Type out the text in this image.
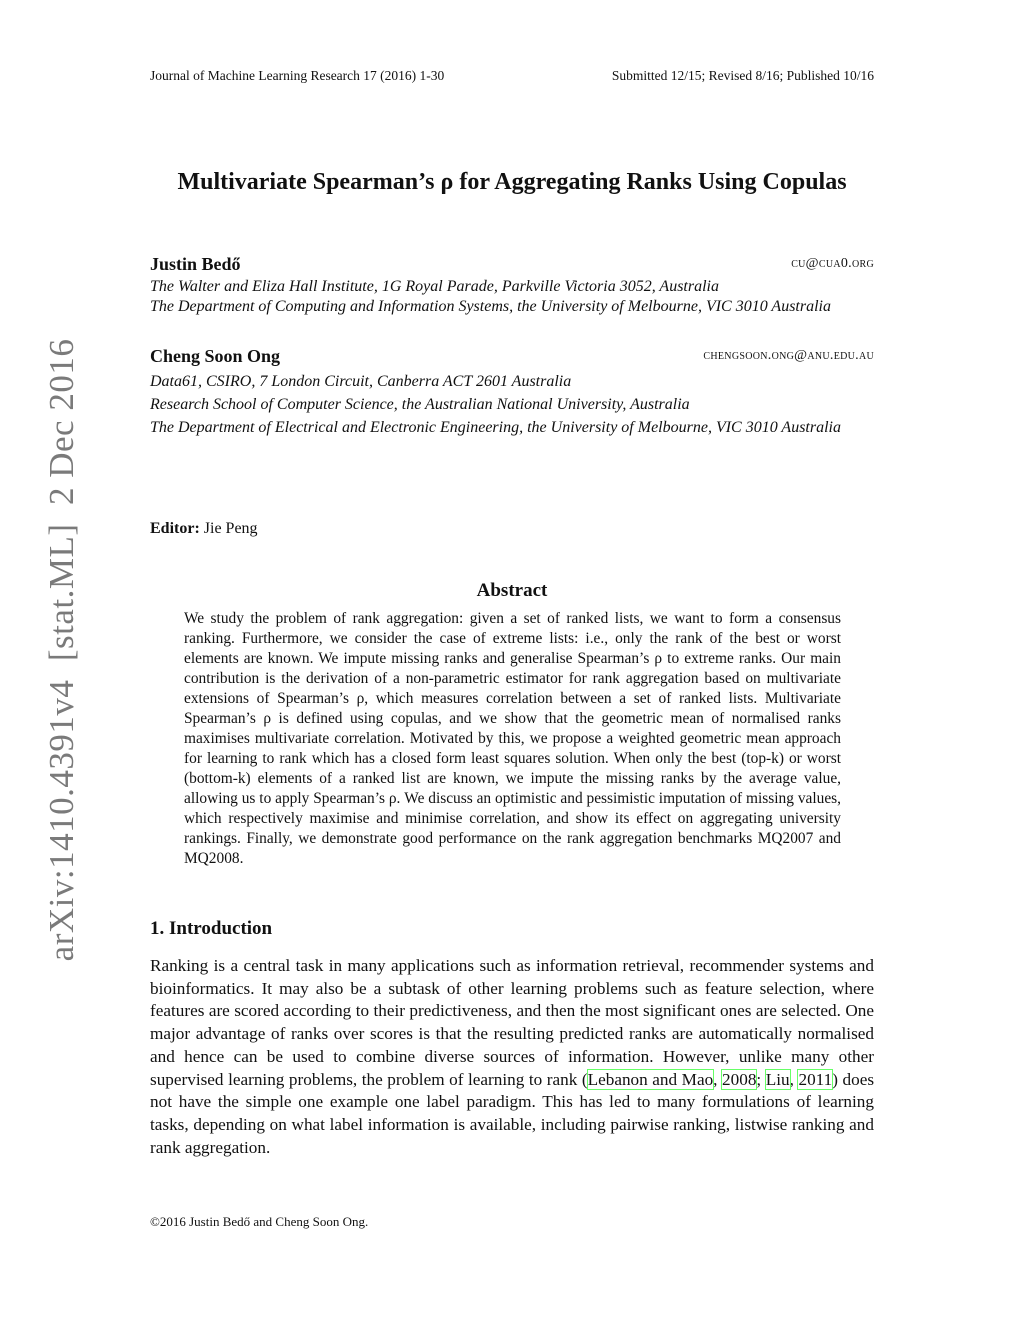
Journal of Machine Learning Research 17 (2016) 1-30	Submitted 12/15; Revised 8/16; Published 10/16
Multivariate Spearman’s ρ for Aggregating Ranks Using Copulas
Justin Bedő	cu@cua0.org
The Walter and Eliza Hall Institute, 1G Royal Parade, Parkville Victoria 3052, Australia
The Department of Computing and Information Systems, the University of Melbourne, VIC 3010 Australia
Cheng Soon Ong	chengsoon.ong@anu.edu.au
Data61, CSIRO, 7 London Circuit, Canberra ACT 2601 Australia
Research School of Computer Science, the Australian National University, Australia
The Department of Electrical and Electronic Engineering, the University of Melbourne, VIC 3010 Australia
Editor: Jie Peng
Abstract
We study the problem of rank aggregation: given a set of ranked lists, we want to form a consensus ranking. Furthermore, we consider the case of extreme lists: i.e., only the rank of the best or worst elements are known. We impute missing ranks and generalise Spearman’s ρ to extreme ranks. Our main contribution is the derivation of a non-parametric estimator for rank aggregation based on multivariate extensions of Spearman’s ρ, which measures correlation between a set of ranked lists. Multivariate Spearman’s ρ is defined using copulas, and we show that the geometric mean of normalised ranks maximises multivariate correlation. Motivated by this, we propose a weighted geometric mean approach for learning to rank which has a closed form least squares solution. When only the best (top-k) or worst (bottom-k) elements of a ranked list are known, we impute the missing ranks by the average value, allowing us to apply Spearman’s ρ. We discuss an optimistic and pessimistic imputation of missing values, which respectively maximise and minimise correlation, and show its effect on aggregating university rankings. Finally, we demonstrate good performance on the rank aggregation benchmarks MQ2007 and MQ2008.
1. Introduction
Ranking is a central task in many applications such as information retrieval, recommender systems and bioinformatics. It may also be a subtask of other learning problems such as feature selection, where features are scored according to their predictiveness, and then the most significant ones are selected. One major advantage of ranks over scores is that the resulting predicted ranks are automatically normalised and hence can be used to combine diverse sources of information. However, unlike many other supervised learning problems, the problem of learning to rank (Lebanon and Mao, 2008; Liu, 2011) does not have the simple one example one label paradigm. This has led to many formulations of learning tasks, depending on what label information is available, including pairwise ranking, listwise ranking and rank aggregation.
©2016 Justin Bedő and Cheng Soon Ong.
arXiv:1410.4391v4  [stat.ML]  2 Dec 2016
